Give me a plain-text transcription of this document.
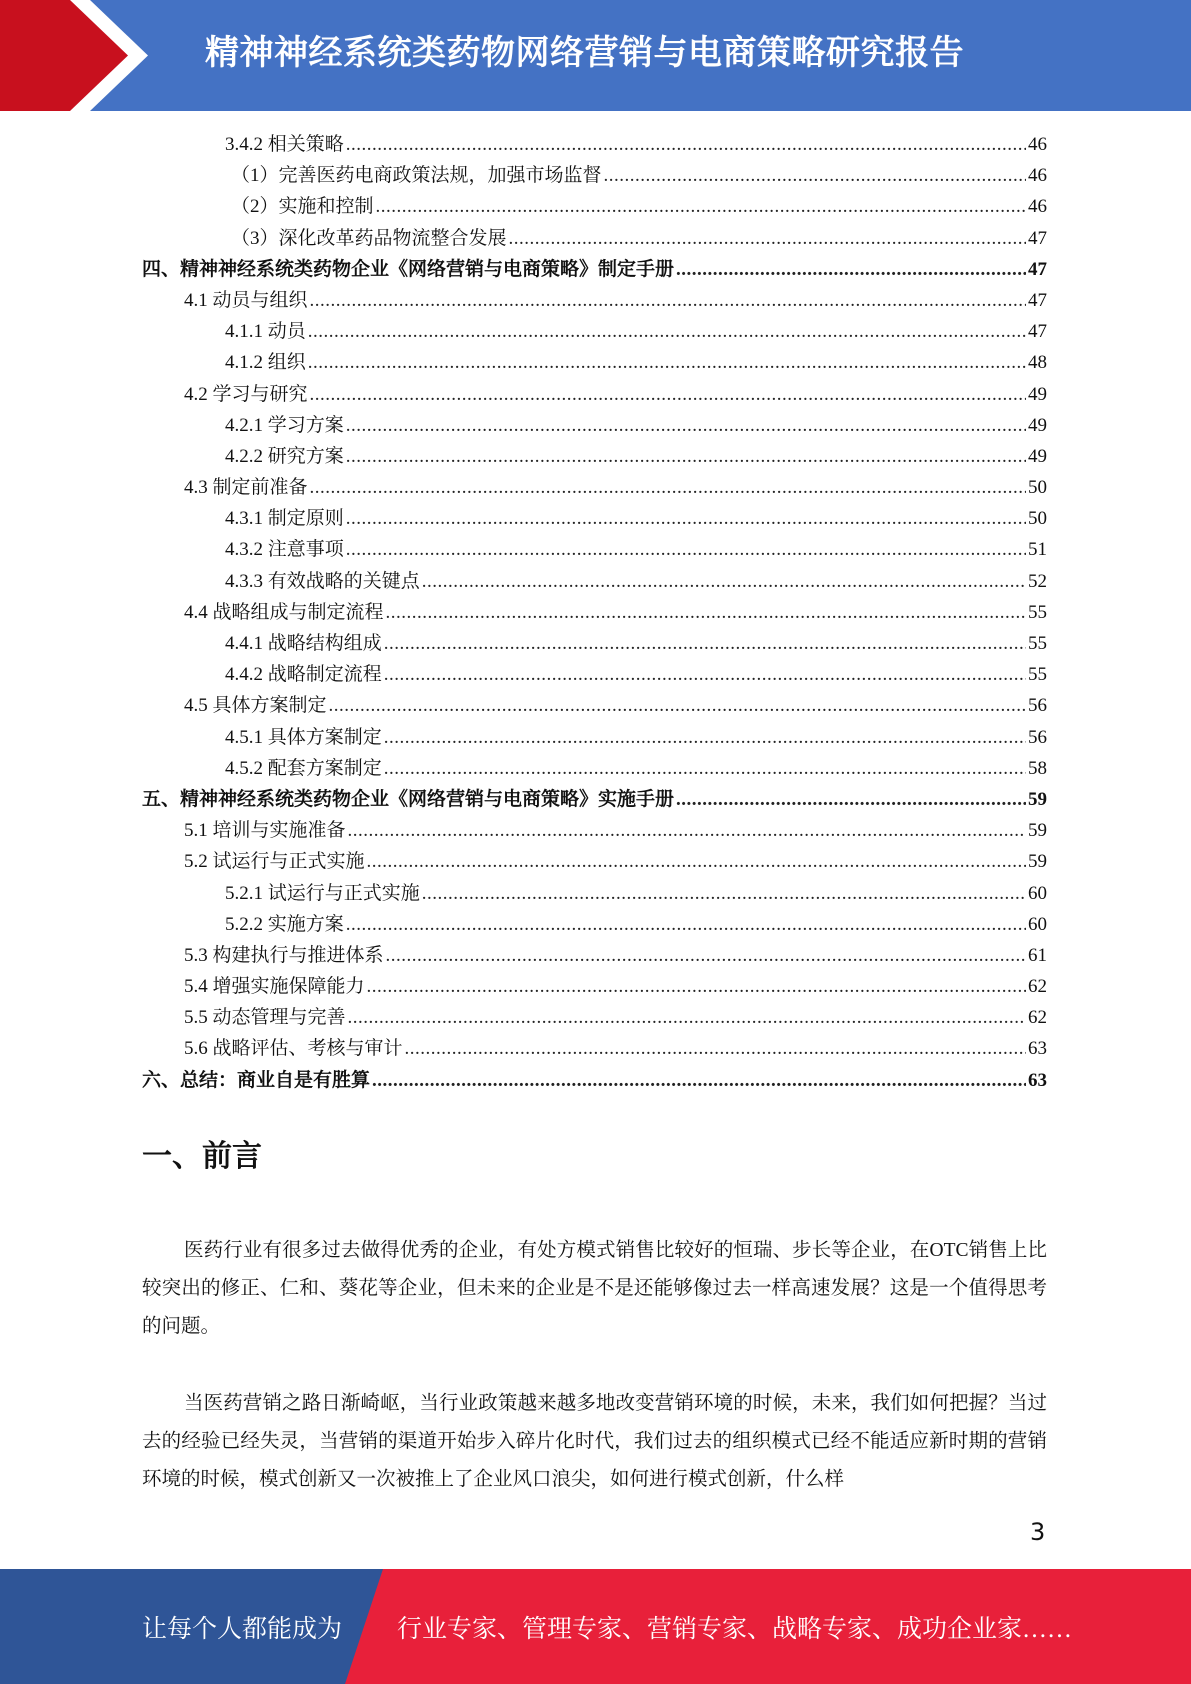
精神神经系统类药物网络营销与电商策略研究报告
3.4.2 相关策略 .....	46
（1）完善医药电商政策法规，加强市场监督 .....	46
（2）实施和控制 .....	46
（3）深化改革药品物流整合发展 .....	47
四、精神神经系统类药物企业《网络营销与电商策略》制定手册 .....	47
4.1 动员与组织 .....	47
4.1.1 动员 .....	47
4.1.2 组织 .....	48
4.2 学习与研究 .....	49
4.2.1 学习方案 .....	49
4.2.2 研究方案 .....	49
4.3 制定前准备 .....	50
4.3.1 制定原则 .....	50
4.3.2 注意事项 .....	51
4.3.3 有效战略的关键点 .....	52
4.4 战略组成与制定流程 .....	55
4.4.1 战略结构组成 .....	55
4.4.2 战略制定流程 .....	55
4.5 具体方案制定 .....	56
4.5.1 具体方案制定 .....	56
4.5.2 配套方案制定 .....	58
五、精神神经系统类药物企业《网络营销与电商策略》实施手册 .....	59
5.1 培训与实施准备 .....	59
5.2 试运行与正式实施 .....	59
5.2.1 试运行与正式实施 .....	60
5.2.2 实施方案 .....	60
5.3 构建执行与推进体系 .....	61
5.4 增强实施保障能力 .....	62
5.5 动态管理与完善 .....	62
5.6 战略评估、考核与审计 .....	63
六、总结：商业自是有胜算 .....	63
一、前言
医药行业有很多过去做得优秀的企业，有处方模式销售比较好的恒瑞、步长等企业，在OTC销售上比较突出的修正、仁和、葵花等企业，但未来的企业是不是还能够像过去一样高速发展？这是一个值得思考的问题。
当医药营销之路日渐崎岖，当行业政策越来越多地改变营销环境的时候，未来，我们如何把握？当过去的经验已经失灵，当营销的渠道开始步入碎片化时代，我们过去的组织模式已经不能适应新时期的营销环境的时候，模式创新又一次被推上了企业风口浪尖，如何进行模式创新，什么样
3
让每个人都能成为 行业专家、管理专家、营销专家、战略专家、成功企业家……
